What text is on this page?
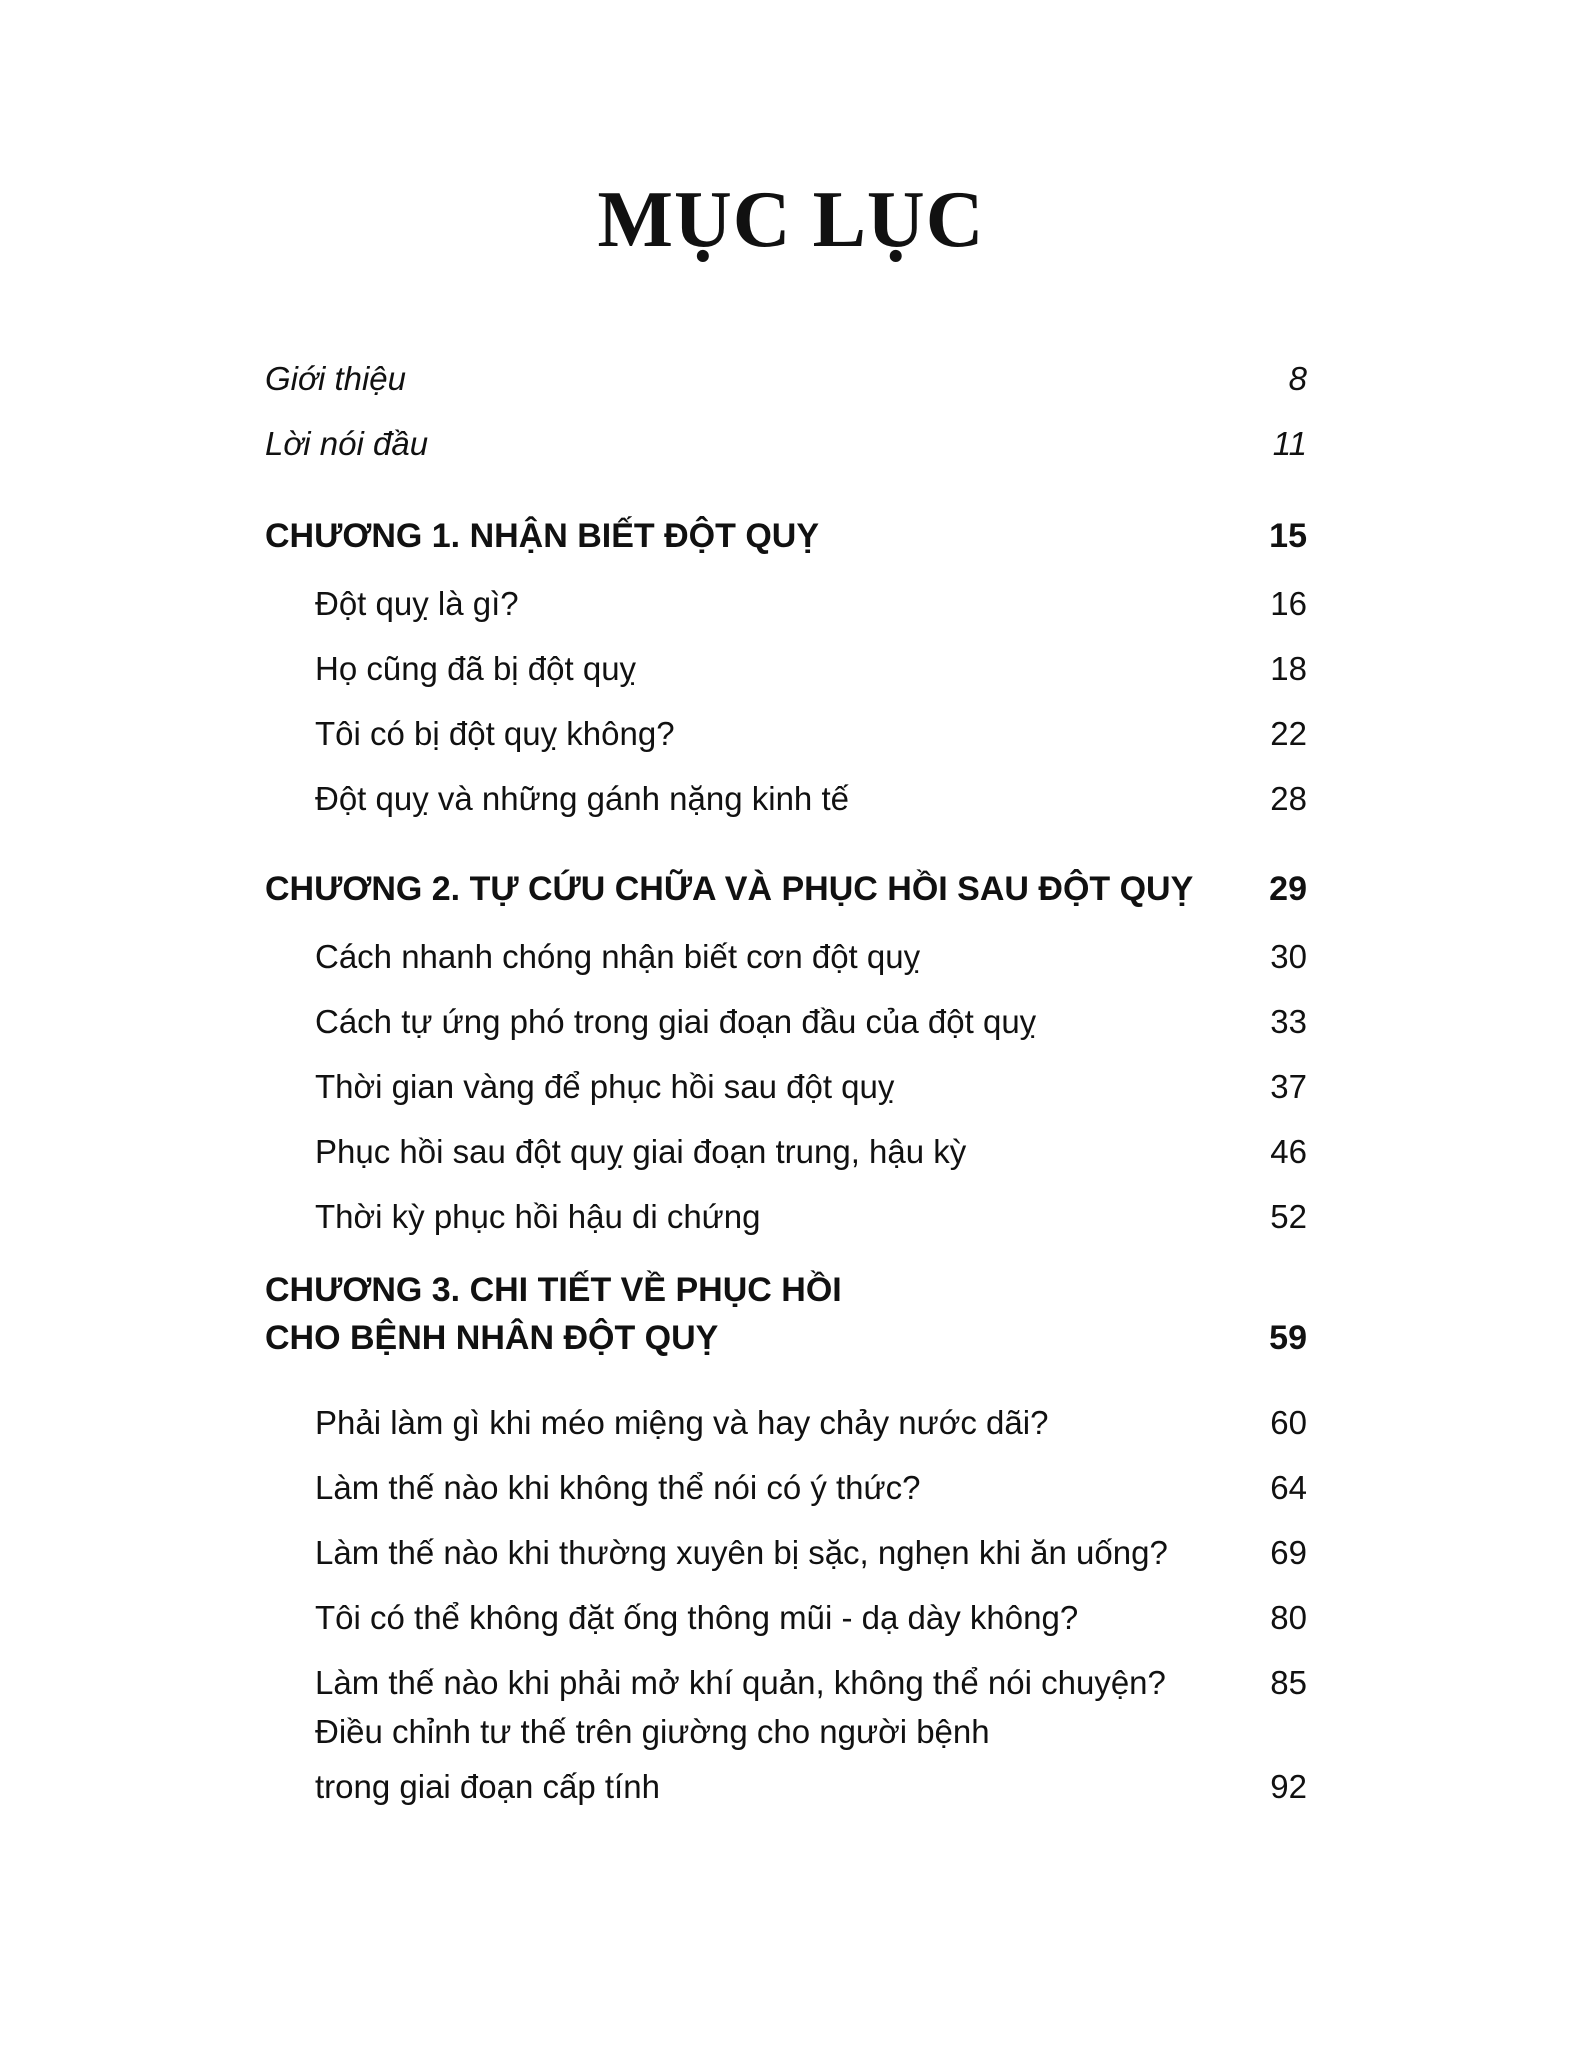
MỤC LỤC
Giới thiệu	8
Lời nói đầu	11
CHƯƠNG 1. NHẬN BIẾT ĐỘT QUỴ	15
Đột quỵ là gì?	16
Họ cũng đã bị đột quỵ	18
Tôi có bị đột quỵ không?	22
Đột quỵ và những gánh nặng kinh tế	28
CHƯƠNG 2. TỰ CỨU CHỮA VÀ PHỤC HỒI SAU ĐỘT QUỴ	29
Cách nhanh chóng nhận biết cơn đột quỵ	30
Cách tự ứng phó trong giai đoạn đầu của đột quỵ	33
Thời gian vàng để phục hồi sau đột quỵ	37
Phục hồi sau đột quỵ giai đoạn trung, hậu kỳ	46
Thời kỳ phục hồi hậu di chứng	52
CHƯƠNG 3. CHI TIẾT VỀ PHỤC HỒI
CHO BỆNH NHÂN ĐỘT QUỴ	59
Phải làm gì khi méo miệng và hay chảy nước dãi?	60
Làm thế nào khi không thể nói có ý thức?	64
Làm thế nào khi thường xuyên bị sặc, nghẹn khi ăn uống?	69
Tôi có thể không đặt ống thông mũi - dạ dày không?	80
Làm thế nào khi phải mở khí quản, không thể nói chuyện?	85
Điều chỉnh tư thế trên giường cho người bệnh
trong giai đoạn cấp tính	92
